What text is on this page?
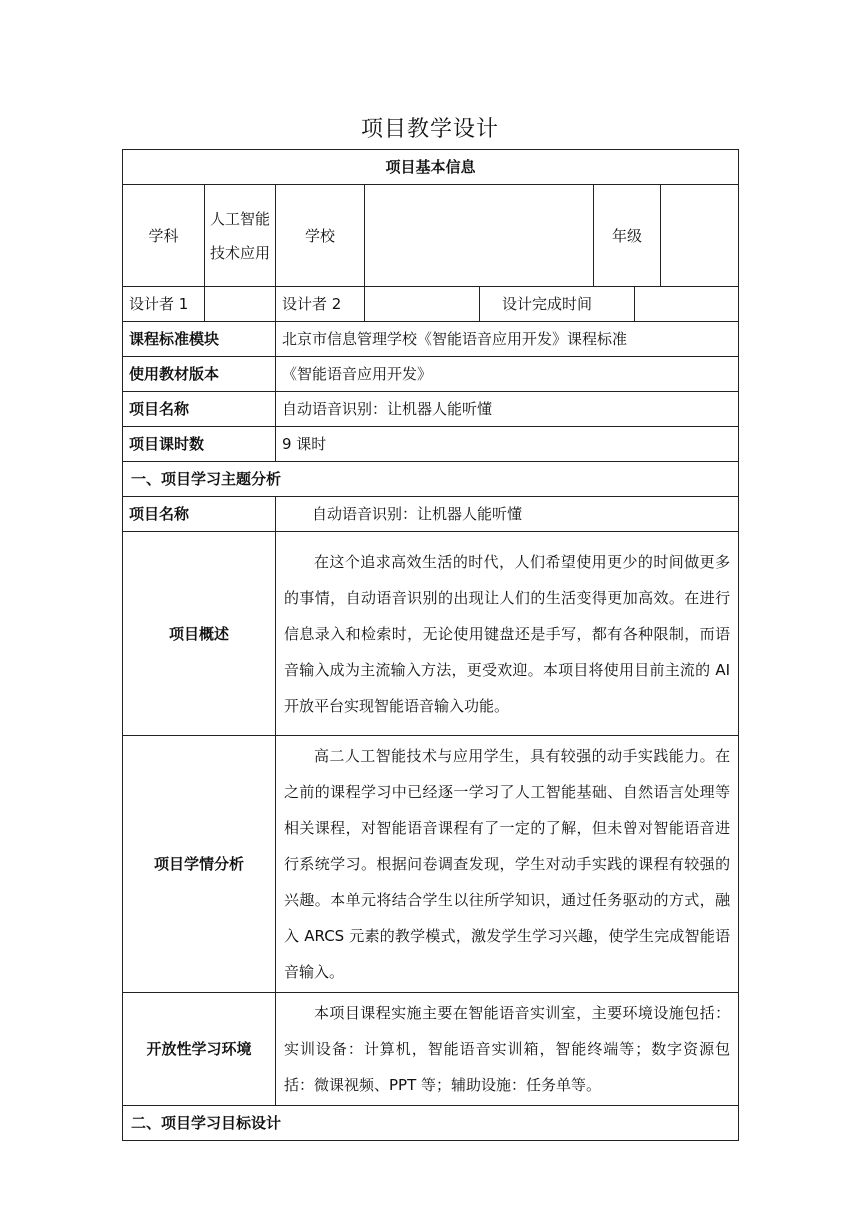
项目教学设计
项目基本信息							
学科	人工智能技术应用	学校			年级		
设计者 1		设计者 2		设计完成时间			
课程标准模块		北京市信息管理学校《智能语音应用开发》课程标准					
使用教材版本		《智能语音应用开发》					
项目名称		自动语音识别：让机器人能听懂					
项目课时数		9 课时					
一、项目学习主题分析							
项目名称		自动语音识别：让机器人能听懂					
项目概述		在这个追求高效生活的时代，人们希望使用更少的时间做更多的事情，自动语音识别的出现让人们的生活变得更加高效。在进行信息录入和检索时，无论使用键盘还是手写，都有各种限制，而语音输入成为主流输入方法，更受欢迎。本项目将使用目前主流的 AI 开放平台实现智能语音输入功能。					
项目学情分析		高二人工智能技术与应用学生，具有较强的动手实践能力。在之前的课程学习中已经逐一学习了人工智能基础、自然语言处理等相关课程，对智能语音课程有了一定的了解，但未曾对智能语音进行系统学习。根据问卷调查发现，学生对动手实践的课程有较强的兴趣。本单元将结合学生以往所学知识，通过任务驱动的方式，融入 ARCS 元素的教学模式，激发学生学习兴趣，使学生完成智能语音输入。					
开放性学习环境		本项目课程实施主要在智能语音实训室，主要环境设施包括：实训设备：计算机，智能语音实训箱，智能终端等；数字资源包括：微课视频、PPT 等；辅助设施：任务单等。					
二、项目学习目标设计							
